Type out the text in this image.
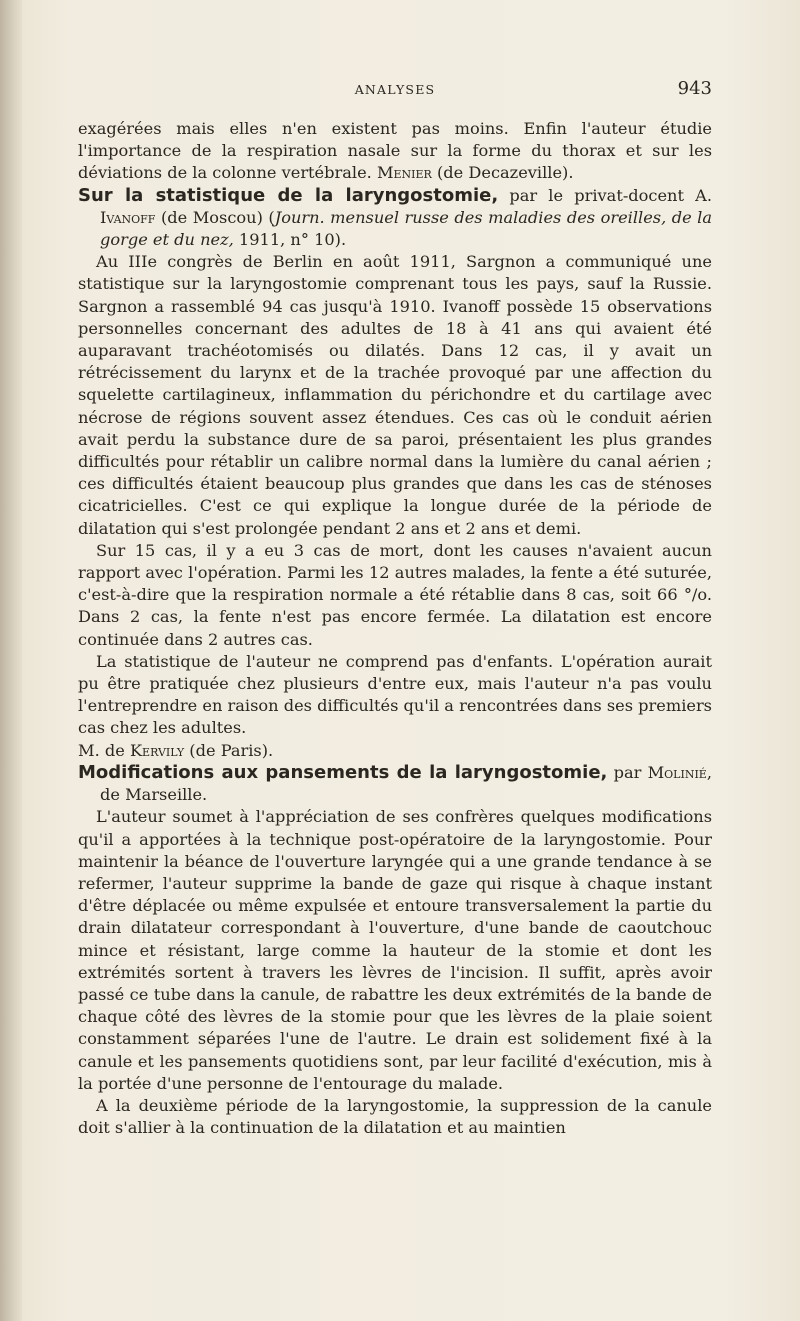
ANALYSES	943

exagérées mais elles n'en existent pas moins. Enfin l'auteur étudie l'importance de la respiration nasale sur la forme du thorax et sur les déviations de la colonne vertébrale. Menier (de Decazeville).

Sur la statistique de la laryngostomie, par le privat-docent A. Ivanoff (de Moscou) (Journ. mensuel russe des maladies des oreilles, de la gorge et du nez, 1911, n° 10).

Au IIIe congrès de Berlin en août 1911, Sargnon a communiqué une statistique sur la laryngostomie comprenant tous les pays, sauf la Russie. Sargnon a rassemblé 94 cas jusqu'à 1910. Ivanoff possède 15 observations personnelles concernant des adultes de 18 à 41 ans qui avaient été auparavant trachéotomisés ou dilatés. Dans 12 cas, il y avait un rétrécissement du larynx et de la trachée provoqué par une affection du squelette cartilagineux, inflammation du périchondre et du cartilage avec nécrose de régions souvent assez étendues. Ces cas où le conduit aérien avait perdu la substance dure de sa paroi, présentaient les plus grandes difficultés pour rétablir un calibre normal dans la lumière du canal aérien ; ces difficultés étaient beaucoup plus grandes que dans les cas de sténoses cicatricielles. C'est ce qui explique la longue durée de la période de dilatation qui s'est prolongée pendant 2 ans et 2 ans et demi.

Sur 15 cas, il y a eu 3 cas de mort, dont les causes n'avaient aucun rapport avec l'opération. Parmi les 12 autres malades, la fente a été suturée, c'est-à-dire que la respiration normale a été rétablie dans 8 cas, soit 66 °/o. Dans 2 cas, la fente n'est pas encore fermée. La dilatation est encore continuée dans 2 autres cas.

La statistique de l'auteur ne comprend pas d'enfants. L'opération aurait pu être pratiquée chez plusieurs d'entre eux, mais l'auteur n'a pas voulu l'entreprendre en raison des difficultés qu'il a rencontrées dans ses premiers cas chez les adultes.

M. de Kervily (de Paris).

Modifications aux pansements de la laryngostomie, par Molinié, de Marseille.

L'auteur soumet à l'appréciation de ses confrères quelques modifications qu'il a apportées à la technique post-opératoire de la laryngostomie. Pour maintenir la béance de l'ouverture laryngée qui a une grande tendance à se refermer, l'auteur supprime la bande de gaze qui risque à chaque instant d'être déplacée ou même expulsée et entoure transversalement la partie du drain dilatateur correspondant à l'ouverture, d'une bande de caoutchouc mince et résistant, large comme la hauteur de la stomie et dont les extrémités sortent à travers les lèvres de l'incision. Il suffit, après avoir passé ce tube dans la canule, de rabattre les deux extrémités de la bande de chaque côté des lèvres de la stomie pour que les lèvres de la plaie soient constamment séparées l'une de l'autre. Le drain est solidement fixé à la canule et les pansements quotidiens sont, par leur facilité d'exécution, mis à la portée d'une personne de l'entourage du malade.

A la deuxième période de la laryngostomie, la suppression de la canule doit s'allier à la continuation de la dilatation et au maintien
